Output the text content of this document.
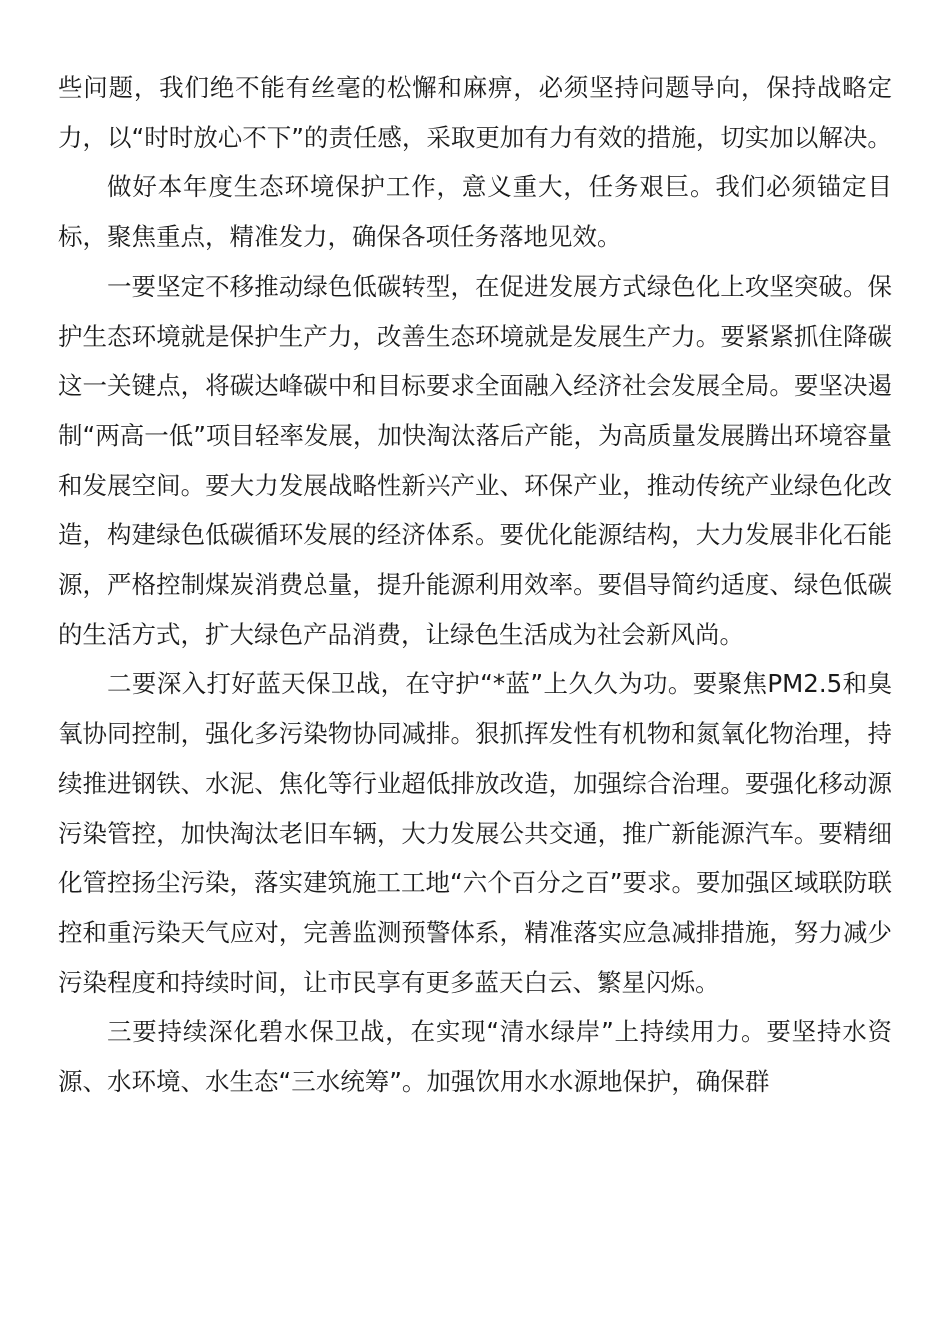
些问题，我们绝不能有丝毫的松懈和麻痹，必须坚持问题导向，保持战略定力，以“时时放心不下”的责任感，采取更加有力有效的措施，切实加以解决。

做好本年度生态环境保护工作，意义重大，任务艰巨。我们必须锚定目标，聚焦重点，精准发力，确保各项任务落地见效。

一要坚定不移推动绿色低碳转型，在促进发展方式绿色化上攻坚突破。保护生态环境就是保护生产力，改善生态环境就是发展生产力。要紧紧抓住降碳这一关键点，将碳达峰碳中和目标要求全面融入经济社会发展全局。要坚决遏制“两高一低”项目轻率发展，加快淘汰落后产能，为高质量发展腾出环境容量和发展空间。要大力发展战略性新兴产业、环保产业，推动传统产业绿色化改造，构建绿色低碳循环发展的经济体系。要优化能源结构，大力发展非化石能源，严格控制煤炭消费总量，提升能源利用效率。要倡导简约适度、绿色低碳的生活方式，扩大绿色产品消费，让绿色生活成为社会新风尚。

二要深入打好蓝天保卫战，在守护“*蓝”上久久为功。要聚焦PM2.5和臭氧协同控制，强化多污染物协同减排。狠抓挥发性有机物和氮氧化物治理，持续推进钢铁、水泥、焦化等行业超低排放改造，加强综合治理。要强化移动源污染管控，加快淘汰老旧车辆，大力发展公共交通，推广新能源汽车。要精细化管控扬尘污染，落实建筑施工工地“六个百分之百”要求。要加强区域联防联控和重污染天气应对，完善监测预警体系，精准落实应急减排措施，努力减少污染程度和持续时间，让市民享有更多蓝天白云、繁星闪烁。

三要持续深化碧水保卫战，在实现“清水绿岸”上持续用力。要坚持水资源、水环境、水生态“三水统筹”。加强饮用水水源地保护，确保群
